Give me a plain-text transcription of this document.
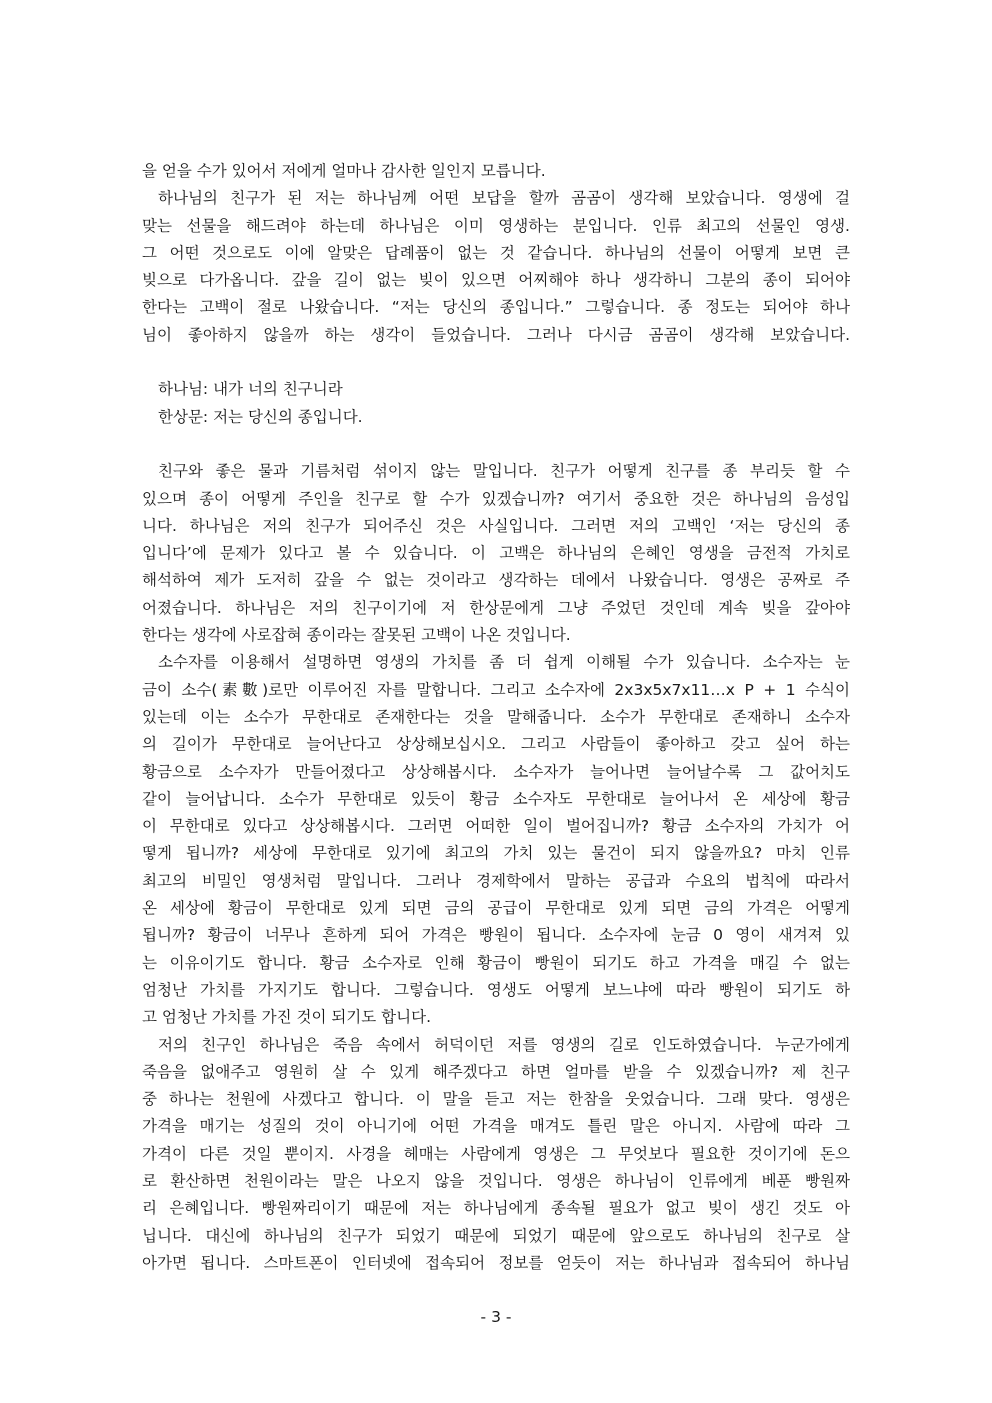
을 얻을 수가 있어서 저에게 얼마나 감사한 일인지 모릅니다.
하나님의 친구가 된 저는 하나님께 어떤 보답을 할까 곰곰이 생각해 보았습니다. 영생에 걸
맞는 선물을 해드려야 하는데 하나님은 이미 영생하는 분입니다. 인류 최고의 선물인 영생.
그 어떤 것으로도 이에 알맞은 답례품이 없는 것 같습니다. 하나님의 선물이 어떻게 보면 큰
빚으로 다가옵니다. 갚을 길이 없는 빚이 있으면 어찌해야 하나 생각하니 그분의 종이 되어야
한다는 고백이 절로 나왔습니다. “저는 당신의 종입니다.” 그렇습니다. 종 정도는 되어야 하나
님이 좋아하지 않을까 하는 생각이 들었습니다. 그러나 다시금 곰곰이 생각해 보았습니다.
하나님: 내가 너의 친구니라
한상문: 저는 당신의 종입니다.
친구와 좋은 물과 기름처럼 섞이지 않는 말입니다. 친구가 어떻게 친구를 종 부리듯 할 수
있으며 종이 어떻게 주인을 친구로 할 수가 있겠습니까? 여기서 중요한 것은 하나님의 음성입
니다. 하나님은 저의 친구가 되어주신 것은 사실입니다. 그러면 저의 고백인 ‘저는 당신의 종
입니다’에 문제가 있다고 볼 수 있습니다. 이 고백은 하나님의 은혜인 영생을 금전적 가치로
해석하여 제가 도저히 갚을 수 없는 것이라고 생각하는 데에서 나왔습니다. 영생은 공짜로 주
어졌습니다. 하나님은 저의 친구이기에 저 한상문에게 그냥 주었던 것인데 계속 빚을 갚아야
한다는 생각에 사로잡혀 종이라는 잘못된 고백이 나온 것입니다.
소수자를 이용해서 설명하면 영생의 가치를 좀 더 쉽게 이해될 수가 있습니다. 소수자는 눈
금이 소수(素數)로만 이루어진 자를 말합니다. 그리고 소수자에 2x3x5x7x11…x P + 1 수식이
있는데 이는 소수가 무한대로 존재한다는 것을 말해줍니다. 소수가 무한대로 존재하니 소수자
의 길이가 무한대로 늘어난다고 상상해보십시오. 그리고 사람들이 좋아하고 갖고 싶어 하는
황금으로 소수자가 만들어졌다고 상상해봅시다. 소수자가 늘어나면 늘어날수록 그 값어치도
같이 늘어납니다. 소수가 무한대로 있듯이 황금 소수자도 무한대로 늘어나서 온 세상에 황금
이 무한대로 있다고 상상해봅시다. 그러면 어떠한 일이 벌어집니까? 황금 소수자의 가치가 어
떻게 됩니까? 세상에 무한대로 있기에 최고의 가치 있는 물건이 되지 않을까요? 마치 인류
최고의 비밀인 영생처럼 말입니다. 그러나 경제학에서 말하는 공급과 수요의 법칙에 따라서
온 세상에 황금이 무한대로 있게 되면 금의 공급이 무한대로 있게 되면 금의 가격은 어떻게
됩니까? 황금이 너무나 흔하게 되어 가격은 빵원이 됩니다. 소수자에 눈금 0 영이 새겨져 있
는 이유이기도 합니다. 황금 소수자로 인해 황금이 빵원이 되기도 하고 가격을 매길 수 없는
엄청난 가치를 가지기도 합니다. 그렇습니다. 영생도 어떻게 보느냐에 따라 빵원이 되기도 하
고 엄청난 가치를 가진 것이 되기도 합니다.
저의 친구인 하나님은 죽음 속에서 허덕이던 저를 영생의 길로 인도하였습니다. 누군가에게
죽음을 없애주고 영원히 살 수 있게 해주겠다고 하면 얼마를 받을 수 있겠습니까? 제 친구
중 하나는 천원에 사겠다고 합니다. 이 말을 듣고 저는 한참을 웃었습니다. 그래 맞다. 영생은
가격을 매기는 성질의 것이 아니기에 어떤 가격을 매겨도 틀린 말은 아니지. 사람에 따라 그
가격이 다른 것일 뿐이지. 사경을 헤매는 사람에게 영생은 그 무엇보다 필요한 것이기에 돈으
로 환산하면 천원이라는 말은 나오지 않을 것입니다. 영생은 하나님이 인류에게 베푼 빵원짜
리 은혜입니다. 빵원짜리이기 때문에 저는 하나님에게 종속될 필요가 없고 빚이 생긴 것도 아
닙니다. 대신에 하나님의 친구가 되었기 때문에 되었기 때문에 앞으로도 하나님의 친구로 살
아가면 됩니다. 스마트폰이 인터넷에 접속되어 정보를 얻듯이 저는 하나님과 접속되어 하나님
- 3 -
